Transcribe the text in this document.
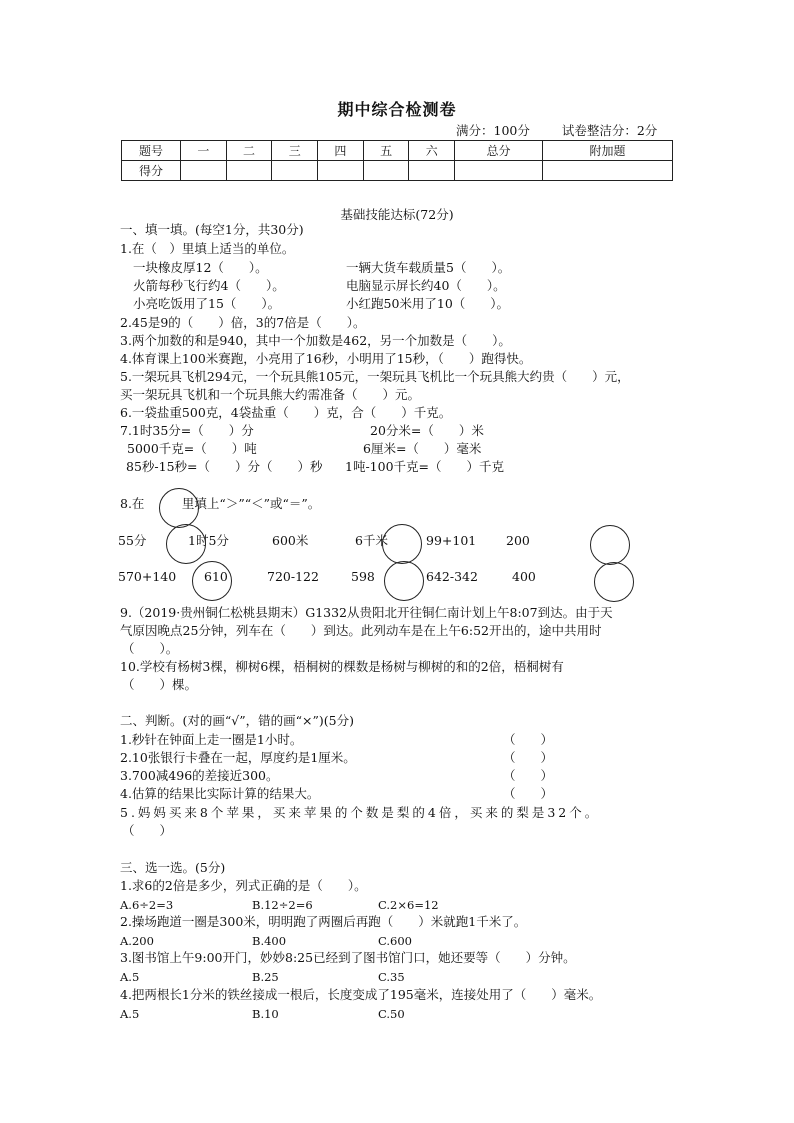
期中综合检测卷
满分：100分	试卷整洁分：2分
题号	一	二	三	四	五	六	总分	附加题
得分								
基础技能达标(72分)
一、填一填。(每空1分，共30分)
1.在（　）里填上适当的单位。
一块橡皮厚12（　　）。	一辆大货车载质量5（　　）。
火箭每秒飞行约4（　　）。	电脑显示屏长约40（　　）。
小亮吃饭用了15（　　）。	小红跑50米用了10（　　）。
2.45是9的（　　）倍，3的7倍是（　　）。
3.两个加数的和是940，其中一个加数是462，另一个加数是（　　）。
4.体育课上100米赛跑，小亮用了16秒，小明用了15秒，（　　）跑得快。
5.一架玩具飞机294元，一个玩具熊105元，一架玩具飞机比一个玩具熊大约贵（　　）元，
买一架玩具飞机和一个玩具熊大约需准备（　　）元。
6.一袋盐重500克，4袋盐重（　　）克，合（　　）千克。
7.1时35分=（　　）分	20分米=（　　）米
5000千克=（　　）吨	6厘米=（　　）毫米
85秒-15秒=（　　）分（　　）秒 1吨-100千克=（　　）千克
8.在　　　里填上“＞”“＜”或“＝”。
55分	1时5分	600米	6千米	99+101 200
570+140 610	720-122	598	642-342	400
9.（2019·贵州铜仁松桃县期末）G1332从贵阳北开往铜仁南计划上午8:07到达。由于天
气原因晚点25分钟，列车在（　　）到达。此列动车是在上午6:52开出的，途中共用时
（　　）。
10.学校有杨树3棵，柳树6棵，梧桐树的棵数是杨树与柳树的和的2倍，梧桐树有
（　　）棵。
二、判断。(对的画“√”，错的画“×”)(5分)
1.秒针在钟面上走一圈是1小时。	（　　）
2.10张银行卡叠在一起，厚度约是1厘米。	（　　）
3.700减496的差接近300。	（　　）
4.估算的结果比实际计算的结果大。	（　　）
5.妈妈买来8个苹果，买来苹果的个数是梨的4倍，买来的梨是32个。
（　　）
三、选一选。(5分)
1.求6的2倍是多少，列式正确的是（　　）。
A.6÷2=3	B.12÷2=6	C.2×6=12
2.操场跑道一圈是300米，明明跑了两圈后再跑（　　）米就跑1千米了。
A.200	B.400	C.600
3.图书馆上午9:00开门，妙妙8:25已经到了图书馆门口，她还要等（　　）分钟。
A.5	B.25	C.35
4.把两根长1分米的铁丝接成一根后，长度变成了195毫米，连接处用了（　　）毫米。
A.5	B.10	C.50
